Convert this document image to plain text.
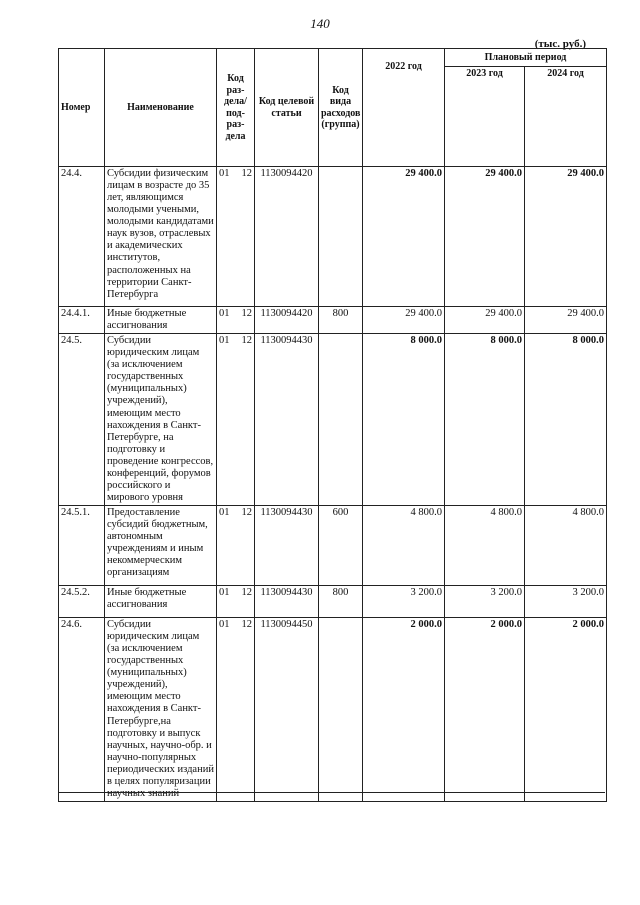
140
(тыс. руб.)
Номер	Наименование	Код раз-дела/ под-раз-дела	Код целевой статьи	Код вида расходов (группа)	2022 год	Плановый период	
						2023 год	2024 год
24.4.	Субсидии физическим лицам в возрасте до 35 лет, являющимся молодыми учеными, молодыми кандидатами наук вузов, отраслевых и академических институтов, расположенных на территории Санкт-Петербурга	01 12	1130094420		29 400.0	29 400.0	29 400.0
24.4.1.	Иные бюджетные ассигнования	01 12	1130094420	800	29 400.0	29 400.0	29 400.0
24.5.	Субсидии юридическим лицам (за исключением государственных (муниципальных) учреждений), имеющим место нахождения в Санкт-Петербурге, на подготовку и проведение конгрессов, конференций, форумов российского и мирового уровня	01 12	1130094430		8 000.0	8 000.0	8 000.0
24.5.1.	Предоставление субсидий бюджетным, автономным учреждениям и иным некоммерческим организациям	01 12	1130094430	600	4 800.0	4 800.0	4 800.0
24.5.2.	Иные бюджетные ассигнования	01 12	1130094430	800	3 200.0	3 200.0	3 200.0
24.6.	Субсидии юридическим лицам (за исключением государственных (муниципальных) учреждений), имеющим место нахождения в Санкт-Петербурге,на подготовку и выпуск научных, научно-обр. и научно-популярных периодических изданий в целях популяризации научных знаний	01 12	1130094450		2 000.0	2 000.0	2 000.0
